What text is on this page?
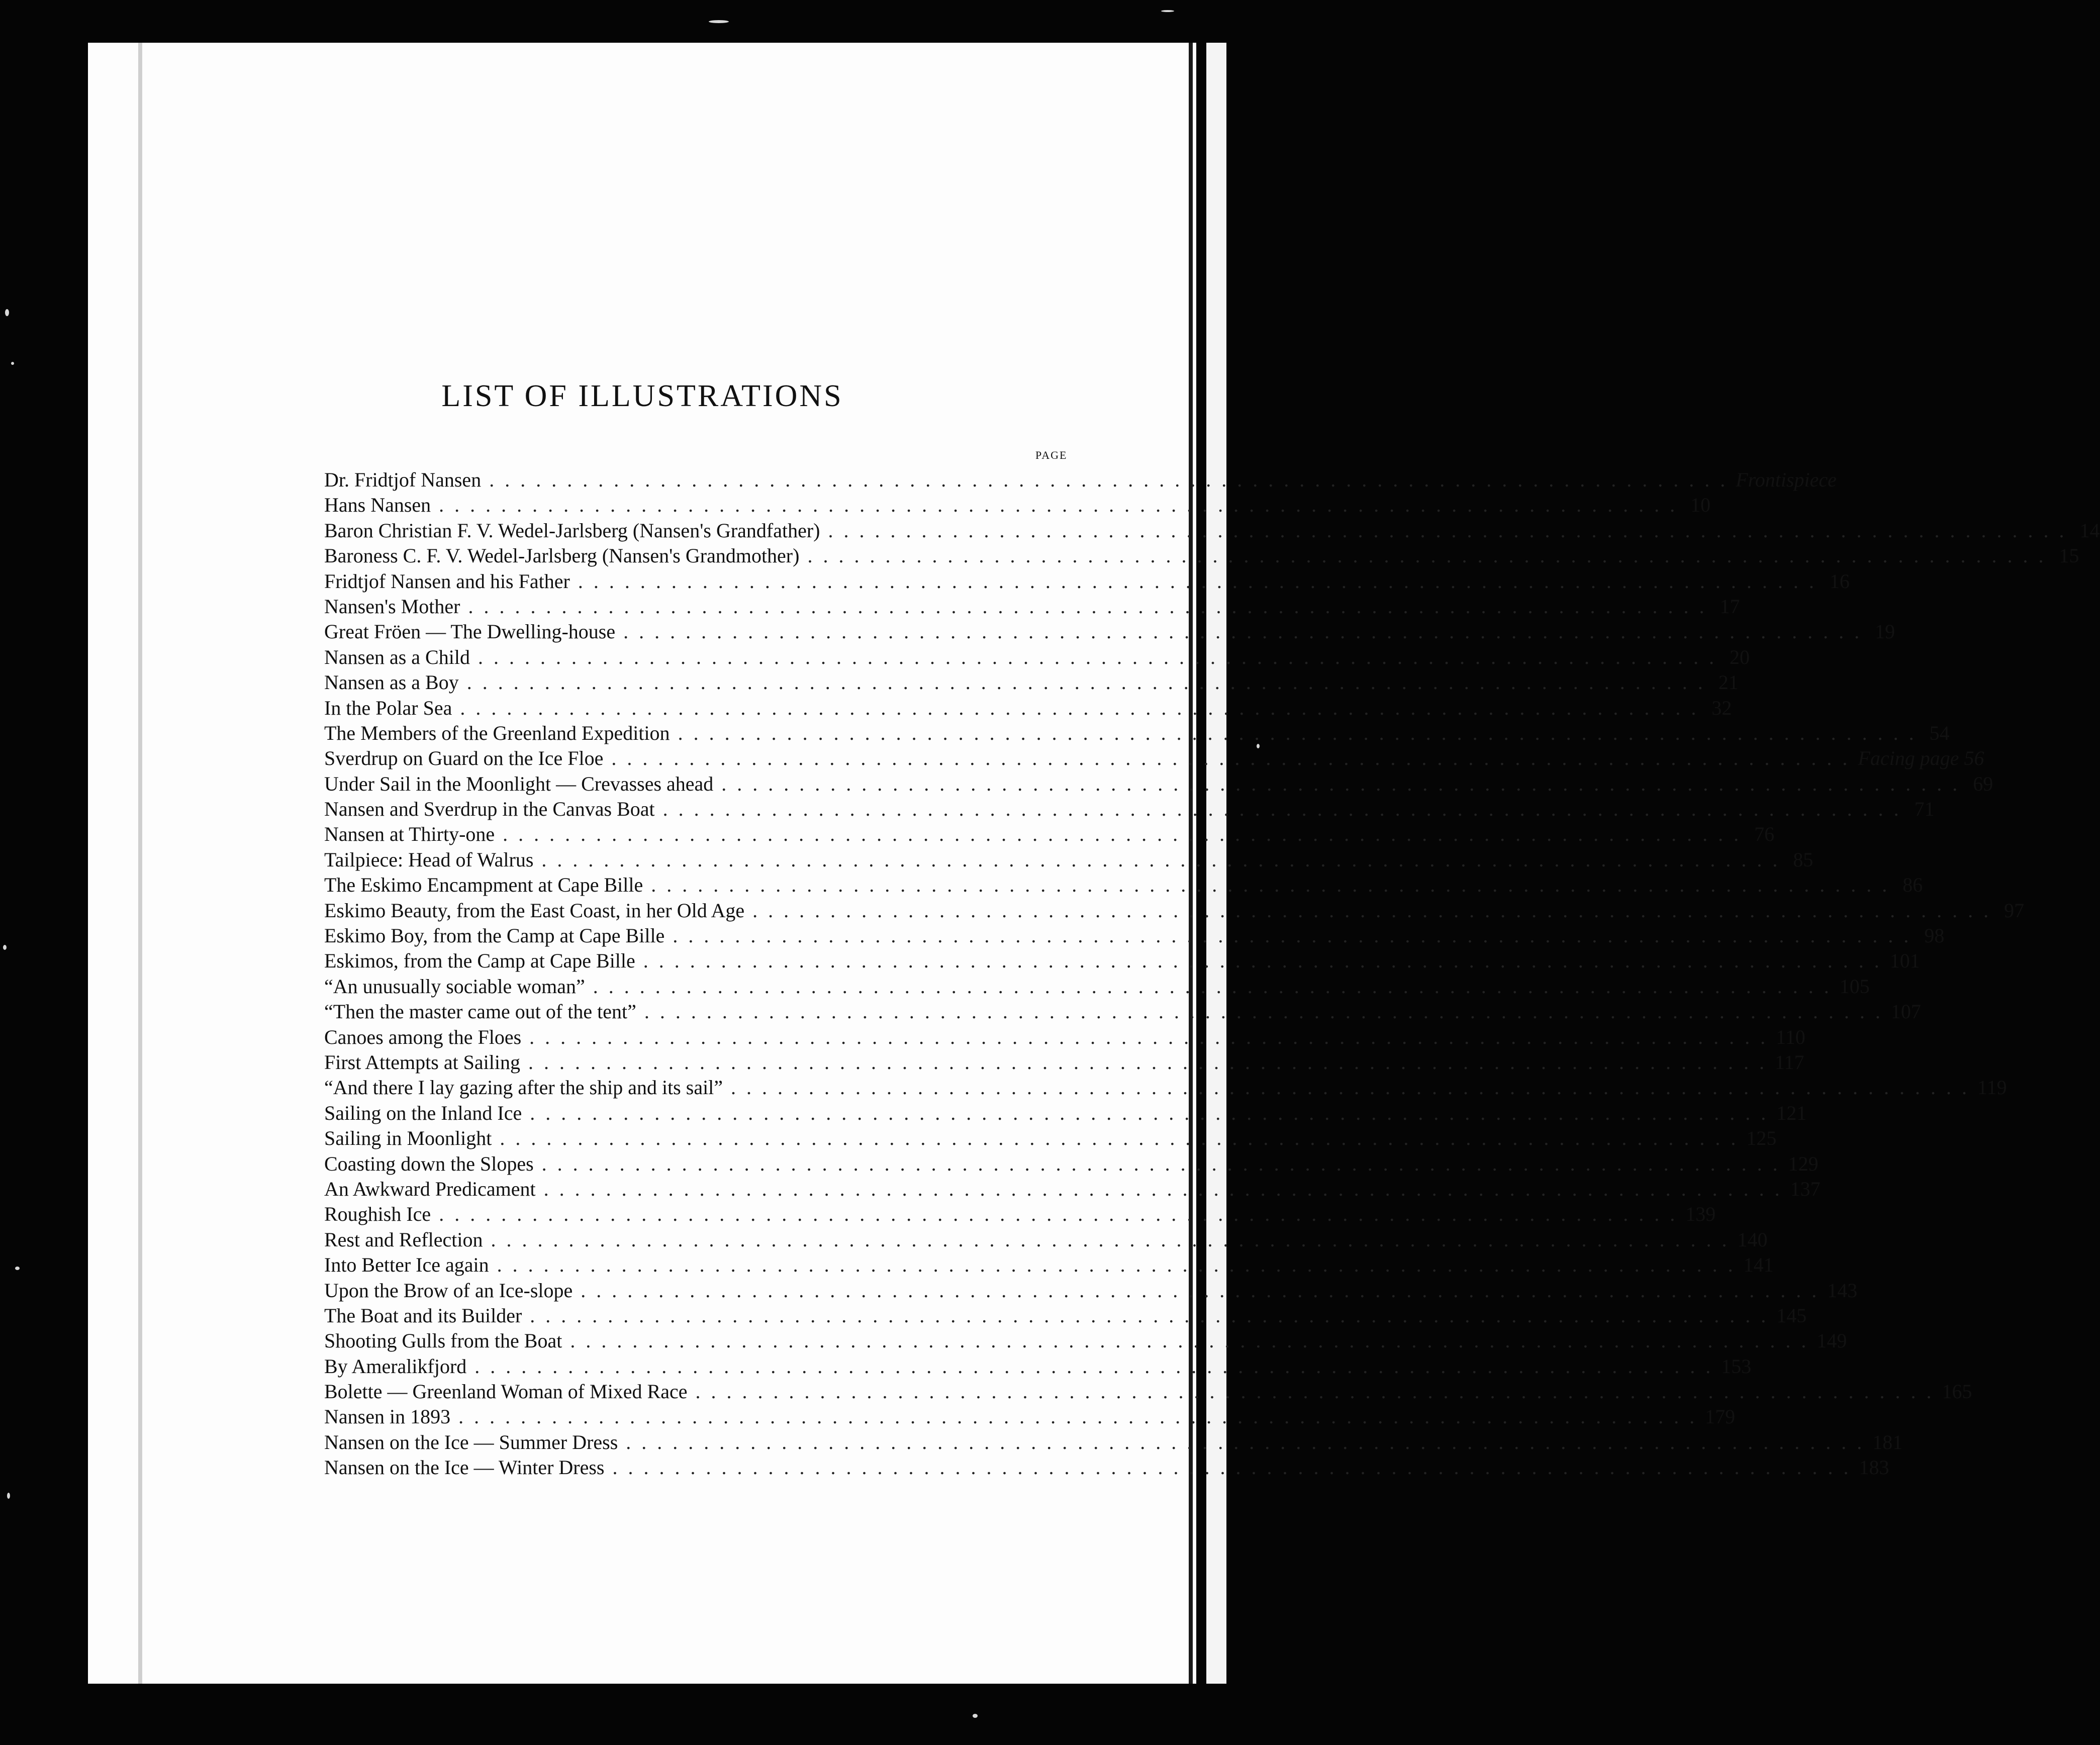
LIST OF ILLUSTRATIONS
PAGE
Dr. Fridtjof Nansen ................................................................................ Frontispiece
Hans Nansen ................................................................................ 10
Baron Christian F. V. Wedel-Jarlsberg (Nansen's Grandfather) ................................................................................ 14
Baroness C. F. V. Wedel-Jarlsberg (Nansen's Grandmother) ................................................................................ 15
Fridtjof Nansen and his Father ................................................................................ 16
Nansen's Mother ................................................................................ 17
Great Fröen — The Dwelling-house ................................................................................ 19
Nansen as a Child ................................................................................ 20
Nansen as a Boy ................................................................................ 21
In the Polar Sea ................................................................................ 32
The Members of the Greenland Expedition ................................................................................ 54
Sverdrup on Guard on the Ice Floe ................................................................................ Facing page 56
Under Sail in the Moonlight — Crevasses ahead ................................................................................ 69
Nansen and Sverdrup in the Canvas Boat ................................................................................ 71
Nansen at Thirty-one ................................................................................ 76
Tailpiece: Head of Walrus ................................................................................ 85
The Eskimo Encampment at Cape Bille ................................................................................ 86
Eskimo Beauty, from the East Coast, in her Old Age ................................................................................ 97
Eskimo Boy, from the Camp at Cape Bille ................................................................................ 98
Eskimos, from the Camp at Cape Bille ................................................................................ 101
“An unusually sociable woman” ................................................................................ 105
“Then the master came out of the tent” ................................................................................ 107
Canoes among the Floes ................................................................................ 110
First Attempts at Sailing ................................................................................ 117
“And there I lay gazing after the ship and its sail” ................................................................................ 119
Sailing on the Inland Ice ................................................................................ 121
Sailing in Moonlight ................................................................................ 125
Coasting down the Slopes ................................................................................ 129
An Awkward Predicament ................................................................................ 137
Roughish Ice ................................................................................ 139
Rest and Reflection ................................................................................ 140
Into Better Ice again ................................................................................ 141
Upon the Brow of an Ice-slope ................................................................................ 143
The Boat and its Builder ................................................................................ 145
Shooting Gulls from the Boat ................................................................................ 149
By Ameralikfjord ................................................................................ 153
Bolette — Greenland Woman of Mixed Race ................................................................................ 165
Nansen in 1893 ................................................................................ 179
Nansen on the Ice — Summer Dress ................................................................................ 181
Nansen on the Ice — Winter Dress ................................................................................ 183
